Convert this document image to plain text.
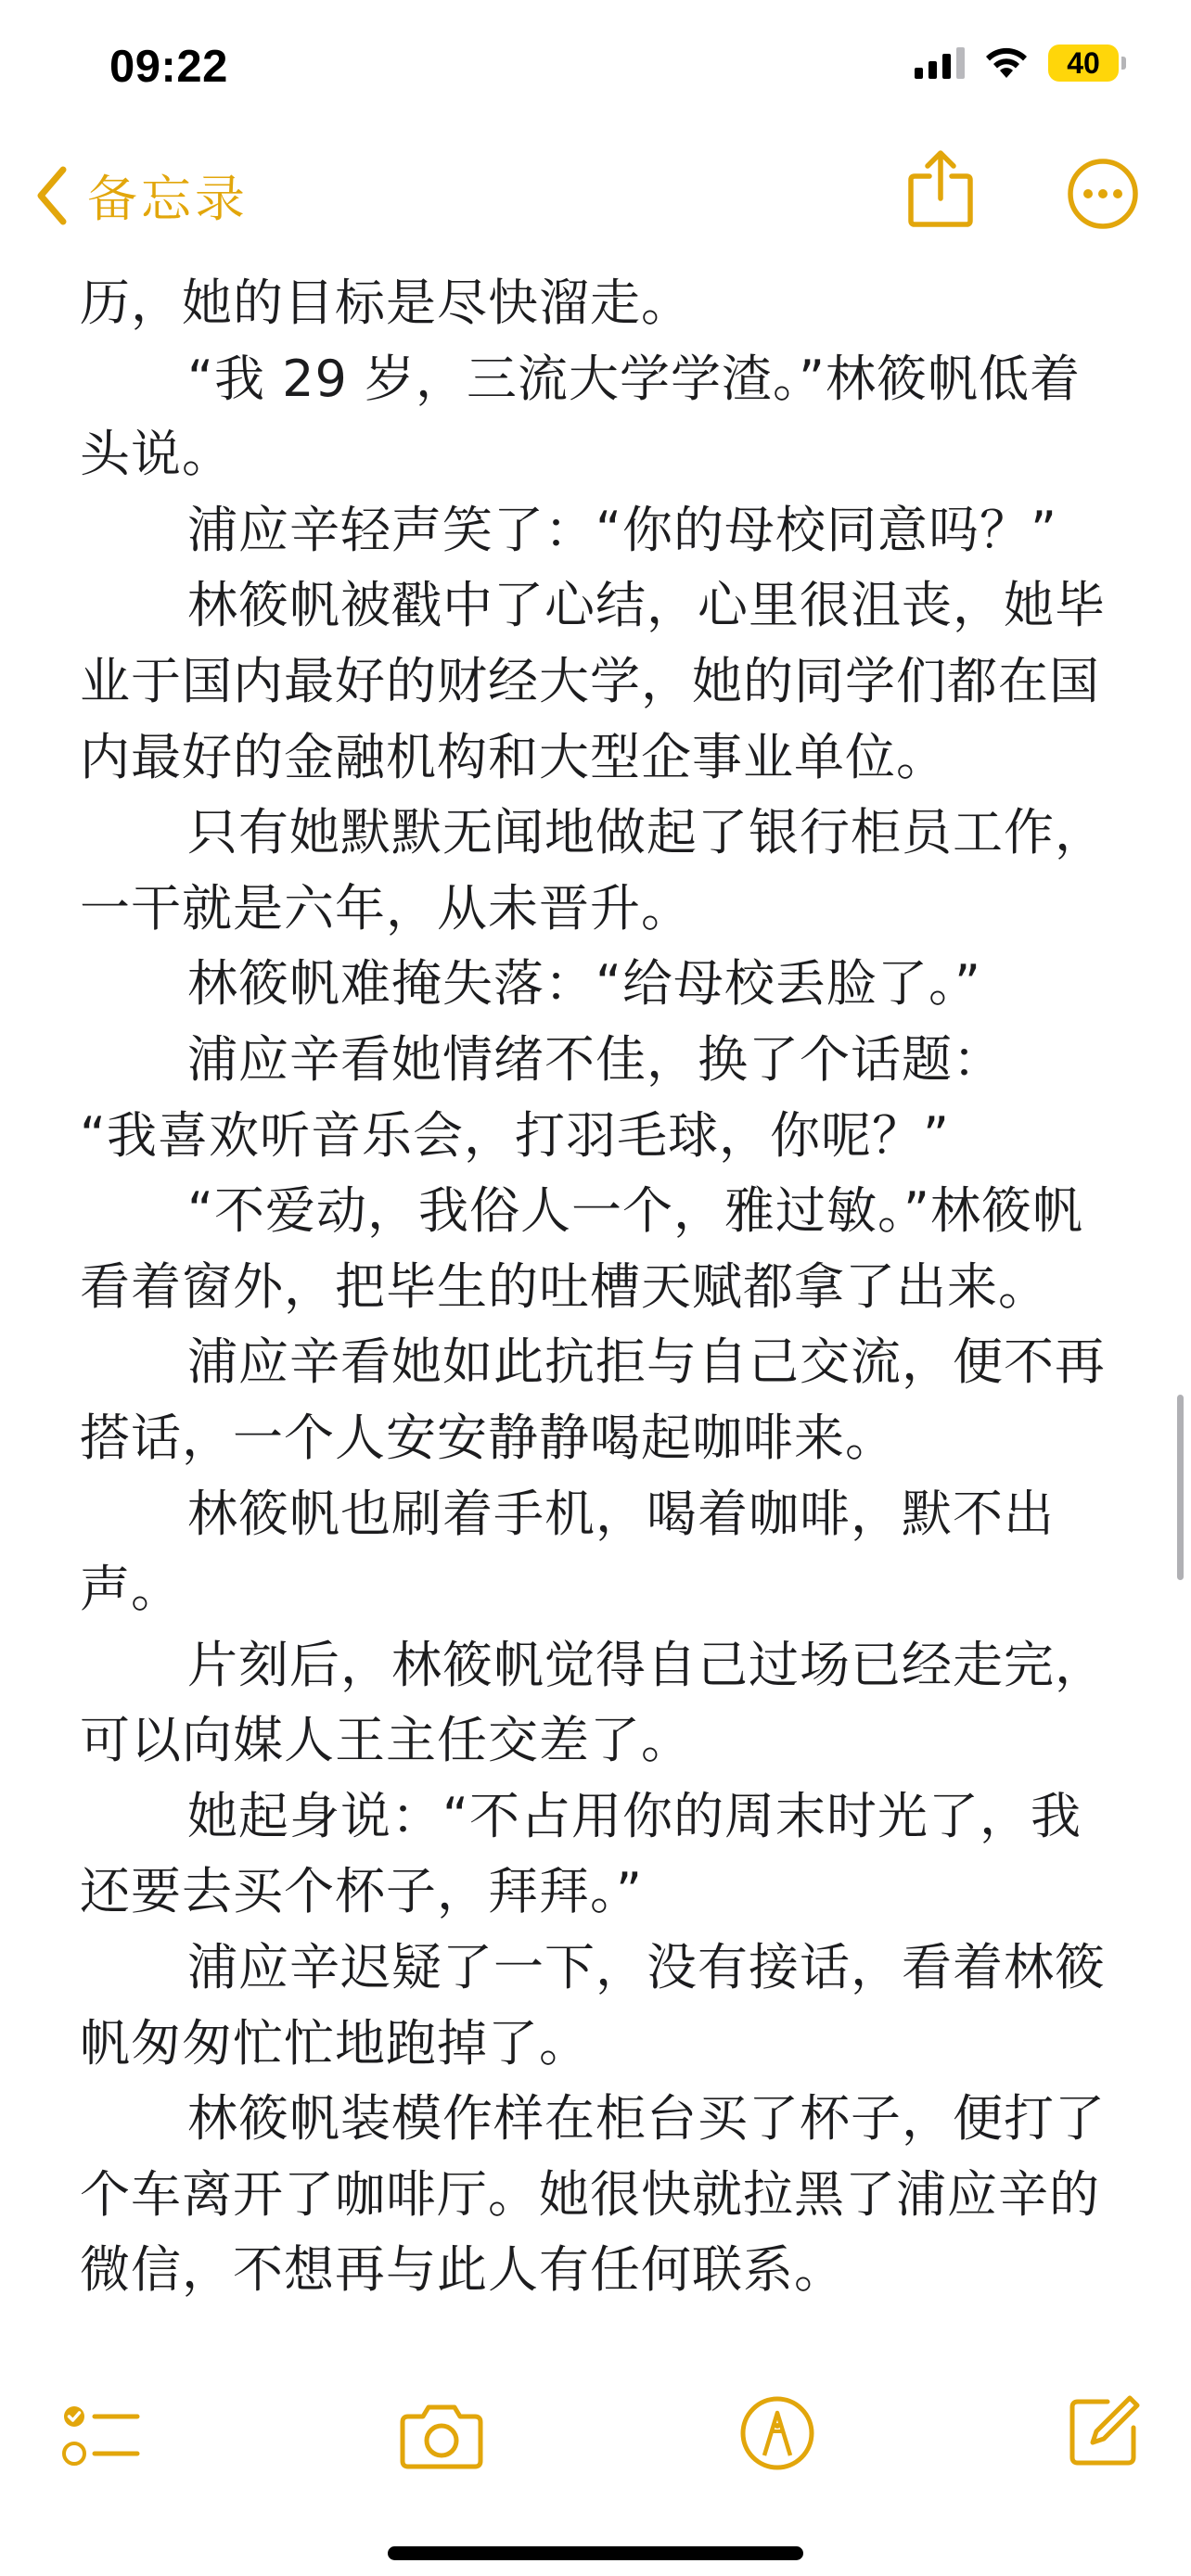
09:22	40
备忘录

历，她的目标是尽快溜走。

“我 29 岁，三流大学学渣。”林筱帆低着头说。

浦应辛轻声笑了：“你的母校同意吗？”

林筱帆被戳中了心结，心里很沮丧，她毕业于国内最好的财经大学，她的同学们都在国内最好的金融机构和大型企事业单位。

只有她默默无闻地做起了银行柜员工作，一干就是六年，从未晋升。

林筱帆难掩失落：“给母校丢脸了。”

浦应辛看她情绪不佳，换了个话题：

“我喜欢听音乐会，打羽毛球，你呢？”

“不爱动，我俗人一个，雅过敏。”林筱帆看着窗外，把毕生的吐槽天赋都拿了出来。

浦应辛看她如此抗拒与自己交流，便不再搭话，一个人安安静静喝起咖啡来。

林筱帆也刷着手机，喝着咖啡，默不出声。

片刻后，林筱帆觉得自己过场已经走完，可以向媒人王主任交差了。

她起身说：“不占用你的周末时光了，我还要去买个杯子，拜拜。”

浦应辛迟疑了一下，没有接话，看着林筱帆匆匆忙忙地跑掉了。

林筱帆装模作样在柜台买了杯子，便打了个车离开了咖啡厅。她很快就拉黑了浦应辛的微信，不想再与此人有任何联系。
